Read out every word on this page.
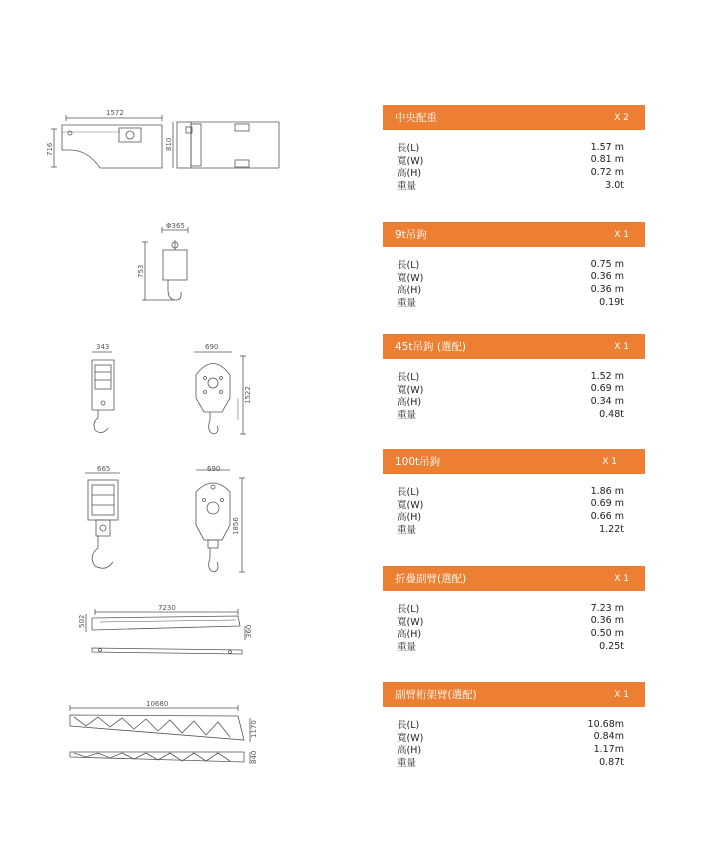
1572
716	810
Φ365
753
343	690
1522
665	690
1856
7230
502
360
10680
1170
840
中央配重	X 2
長(L)	1.57 m
寬(W)	0.81 m
高(H)	0.72 m
重量	3.0t
9t吊鉤	X 1
長(L)	0.75 m
寬(W)	0.36 m
高(H)	0.36 m
重量	0.19t
45t吊鉤 (選配)	X 1
長(L)	1.52 m
寬(W)	0.69 m
高(H)	0.34 m
重量	0.48t
100t吊鉤	X 1
長(L)	1.86 m
寬(W)	0.69 m
高(H)	0.66 m
重量	1.22t
折疊副臂(選配)	X 1
長(L)	7.23 m
寬(W)	0.36 m
高(H)	0.50 m
重量	0.25t
副臂桁架臂(選配)	X 1
長(L)	10.68m
寬(W)	0.84m
高(H)	1.17m
重量	0.87t
